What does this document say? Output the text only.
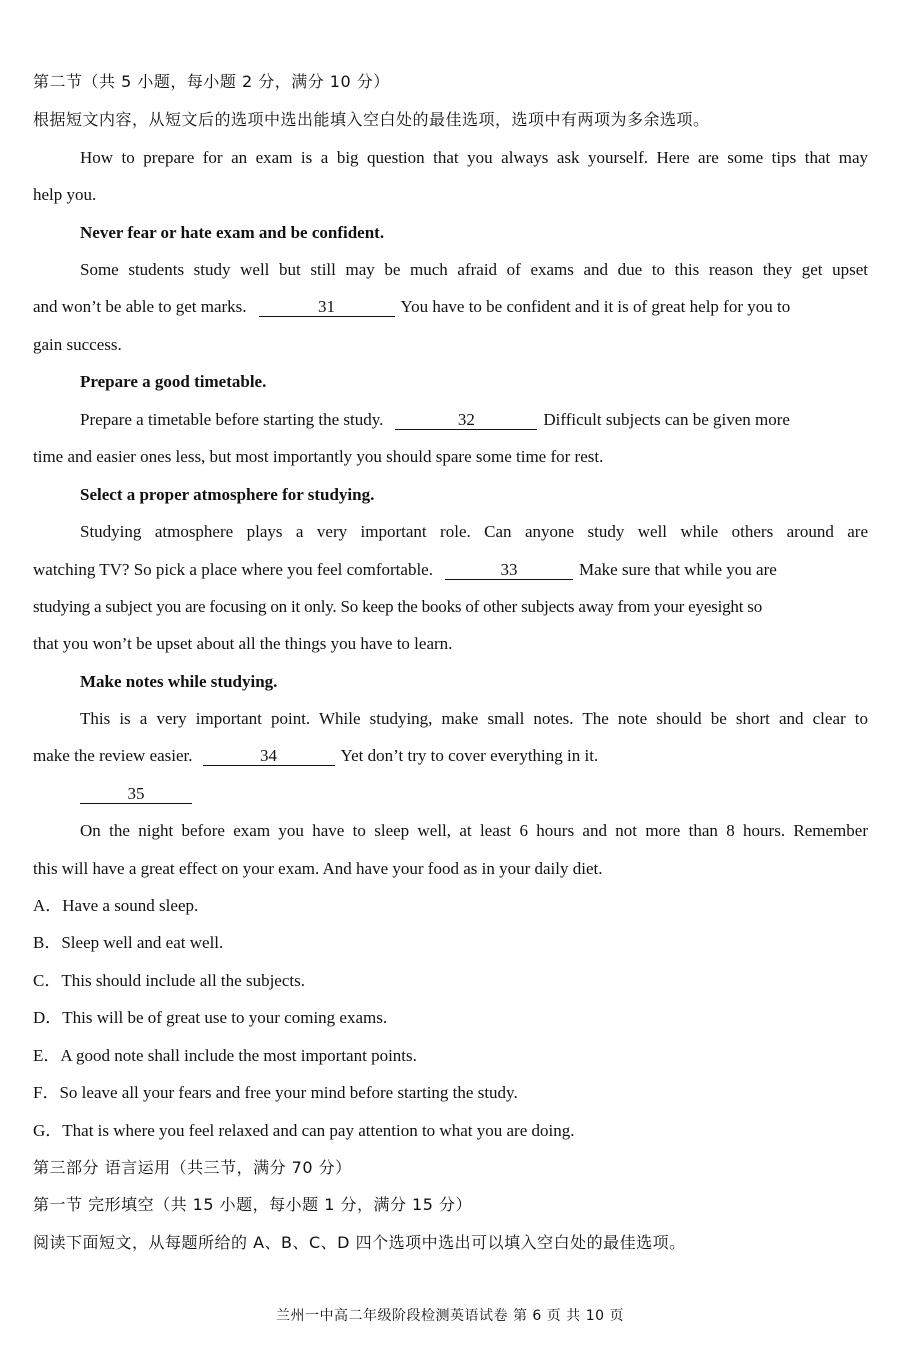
第二节（共 5 小题，每小题 2 分，满分 10 分）
根据短文内容，从短文后的选项中选出能填入空白处的最佳选项，选项中有两项为多余选项。
How to prepare for an exam is a big question that you always ask yourself. Here are some tips that may
help you.
Never fear or hate exam and be confident.
Some students study well but still may be much afraid of exams and due to this reason they get upset
and won’t be able to get marks.	31	You have to be confident and it is of great help for you to
gain success.
Prepare a good timetable.
Prepare a timetable before starting the study.	32	Difficult subjects can be given more
time and easier ones less, but most importantly you should spare some time for rest.
Select a proper atmosphere for studying.
Studying atmosphere plays a very important role. Can anyone study well while others around are
watching TV? So pick a place where you feel comfortable.	33	Make sure that while you are
studying a subject you are focusing on it only. So keep the books of other subjects away from your eyesight so
that you won’t be upset about all the things you have to learn.
Make notes while studying.
This is a very important point. While studying, make small notes. The note should be short and clear to
make the review easier.	34	Yet don’t try to cover everything in it.
35
On the night before exam you have to sleep well, at least 6 hours and not more than 8 hours. Remember
this will have a great effect on your exam. And have your food as in your daily diet.
A．Have a sound sleep.
B．Sleep well and eat well.
C．This should include all the subjects.
D．This will be of great use to your coming exams.
E．A good note shall include the most important points.
F．So leave all your fears and free your mind before starting the study.
G．That is where you feel relaxed and can pay attention to what you are doing.
第三部分 语言运用（共三节，满分 70 分）
第一节 完形填空（共 15 小题，每小题 1 分，满分 15 分）
阅读下面短文，从每题所给的 A、B、C、D 四个选项中选出可以填入空白处的最佳选项。
兰州一中高二年级阶段检测英语试卷 第 6 页 共 10 页
